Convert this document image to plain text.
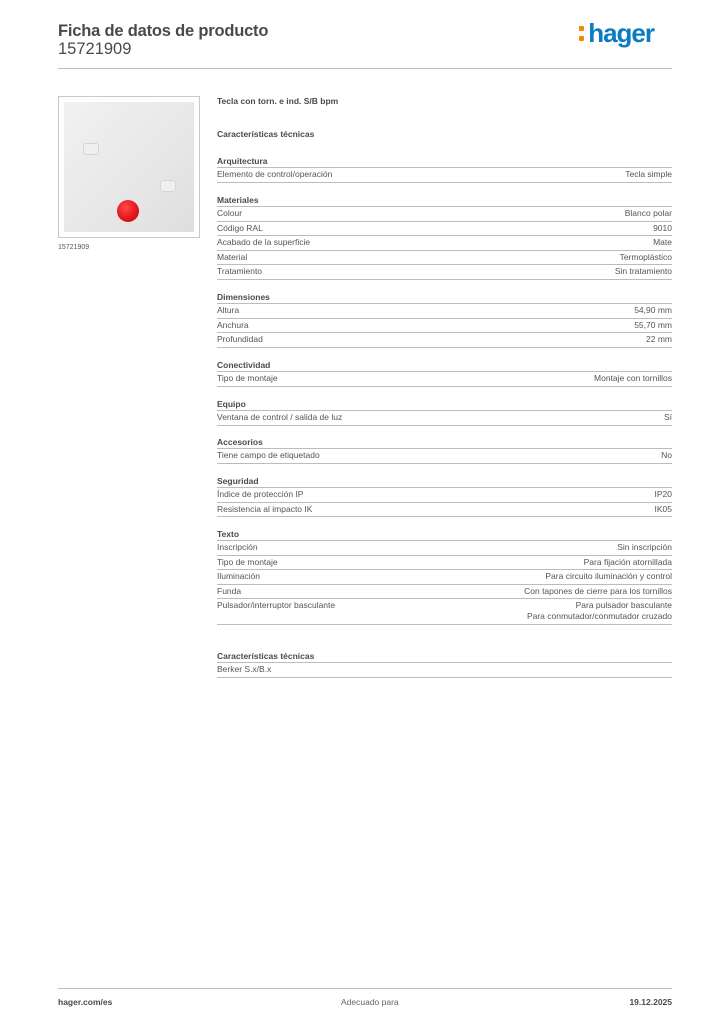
Ficha de datos de producto
15721909
hager
15721909
Tecla con torn. e ind. S/B bpm
Características técnicas
Arquitectura
Elemento de control/operación	Tecla simple
Materiales
Colour	Blanco polar
Código RAL	9010
Acabado de la superficie	Mate
Material	Termoplástico
Tratamiento	Sin tratamiento
Dimensiones
Altura	54,90 mm
Anchura	55,70 mm
Profundidad	22 mm
Conectividad
Tipo de montaje	Montaje con tornillos
Equipo
Ventana de control / salida de luz	Sí
Accesorios
Tiene campo de etiquetado	No
Seguridad
Índice de protección IP	IP20
Resistencia al impacto IK	IK05
Texto
Inscripción	Sin inscripción
Tipo de montaje	Para fijación atornillada
Iluminación	Para circuito iluminación y control
Funda	Con tapones de cierre para los tornillos
Pulsador/interruptor basculante	Para pulsador basculante
Para conmutador/conmutador cruzado
Características técnicas
Berker S.x/B.x
hager.com/es	Adecuado para	19.12.2025
